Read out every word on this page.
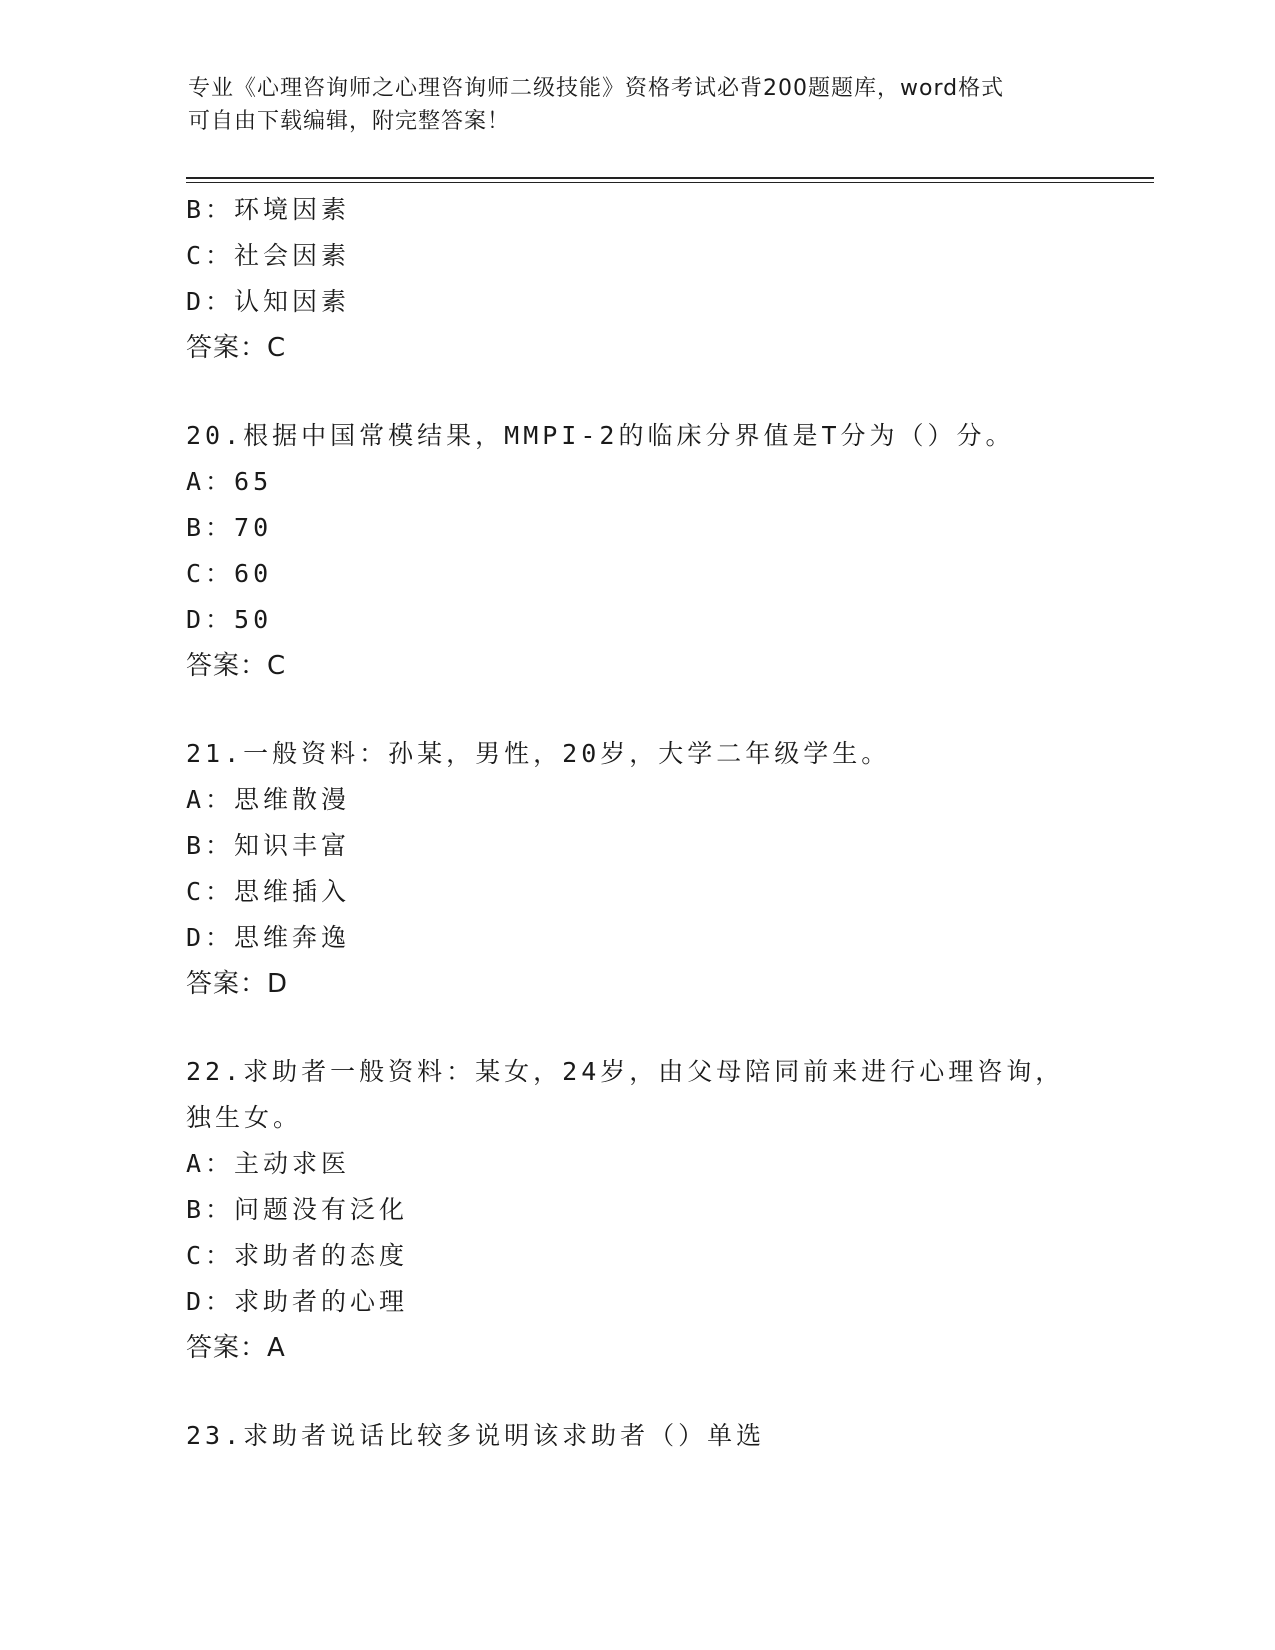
专业《心理咨询师之心理咨询师二级技能》资格考试必背200题题库，word格式
可自由下载编辑，附完整答案！
B：环境因素
C：社会因素
D：认知因素
答案：C
20.根据中国常模结果，MMPI-2的临床分界值是T分为（）分。
A：65
B：70
C：60
D：50
答案：C
21.一般资料：孙某，男性，20岁，大学二年级学生。
A：思维散漫
B：知识丰富
C：思维插入
D：思维奔逸
答案：D
22.求助者一般资料：某女，24岁，由父母陪同前来进行心理咨询，独生女。
A：主动求医
B：问题没有泛化
C：求助者的态度
D：求助者的心理
答案：A
23.求助者说话比较多说明该求助者（）单选
